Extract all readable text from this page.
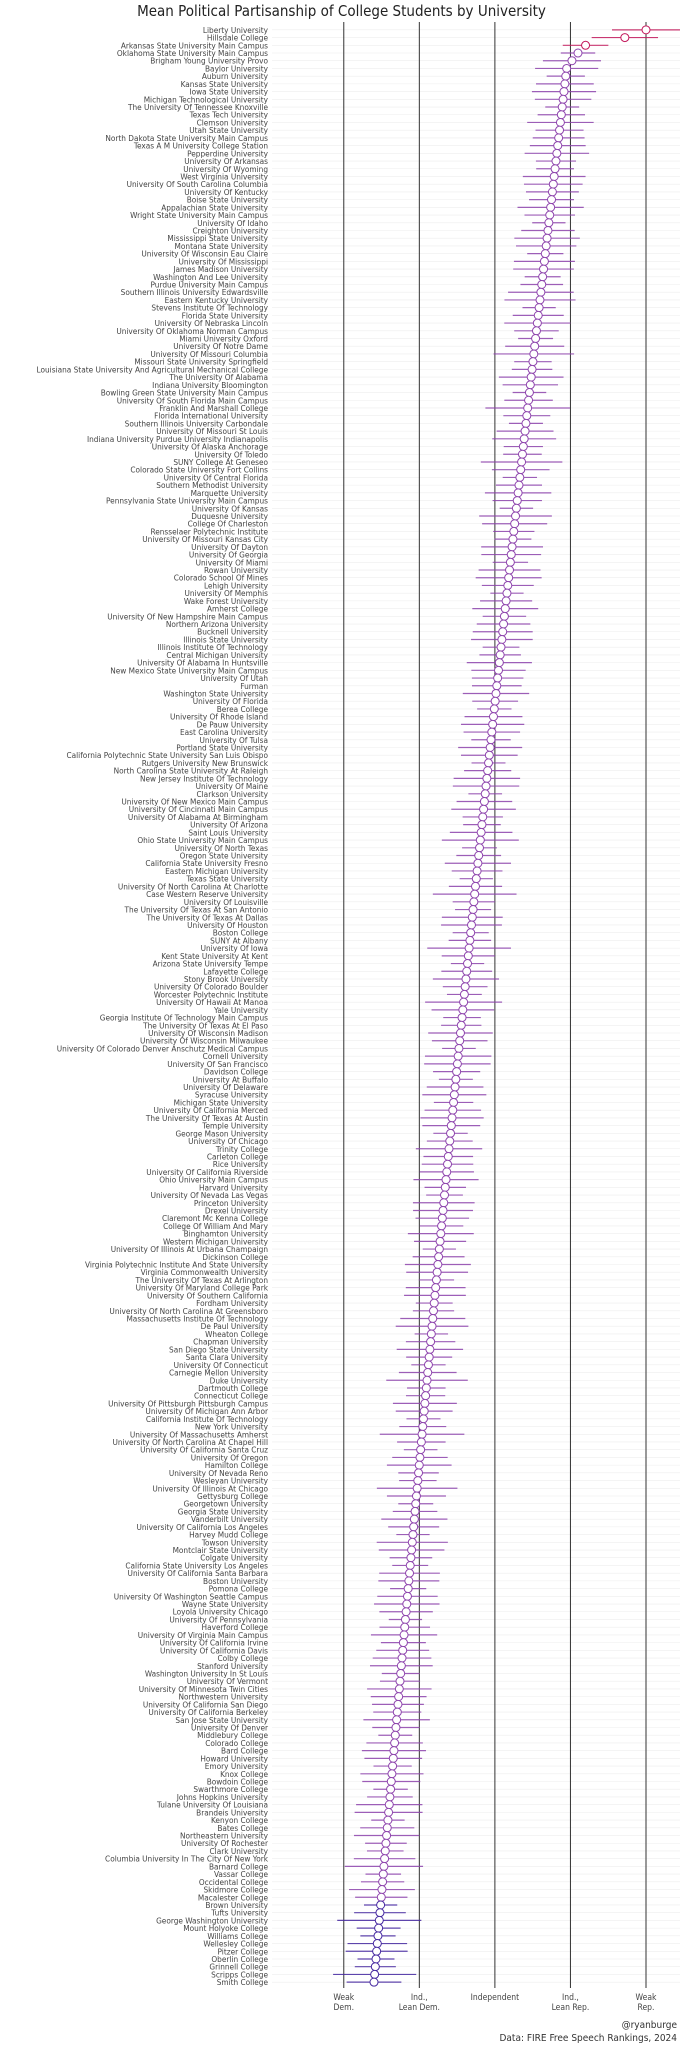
Mean Political Partisanship of College Students by University
Liberty University
Hillsdale College
Arkansas State University Main Campus
Oklahoma State University Main Campus
Brigham Young University Provo
Baylor University
Auburn University
Kansas State University
Iowa State University
Michigan Technological University
The University Of Tennessee Knoxville
Texas Tech University
Clemson University
Utah State University
North Dakota State University Main Campus
Texas A M University College Station
Pepperdine University
University Of Arkansas
University Of Wyoming
West Virginia University
University Of South Carolina Columbia
University Of Kentucky
Boise State University
Appalachian State University
Wright State University Main Campus
University Of Idaho
Creighton University
Mississippi State University
Montana State University
University Of Wisconsin Eau Claire
University Of Mississippi
James Madison University
Washington And Lee University
Purdue University Main Campus
Southern Illinois University Edwardsville
Eastern Kentucky University
Stevens Institute Of Technology
Florida State University
University Of Nebraska Lincoln
University Of Oklahoma Norman Campus
Miami University Oxford
University Of Notre Dame
University Of Missouri Columbia
Missouri State University Springfield
Louisiana State University And Agricultural Mechanical College
The University Of Alabama
Indiana University Bloomington
Bowling Green State University Main Campus
University Of South Florida Main Campus
Franklin And Marshall College
Florida International University
Southern Illinois University Carbondale
University Of Missouri St Louis
Indiana University Purdue University Indianapolis
University Of Alaska Anchorage
University Of Toledo
SUNY College At Geneseo
Colorado State University Fort Collins
University Of Central Florida
Southern Methodist University
Marquette University
Pennsylvania State University Main Campus
University Of Kansas
Duquesne University
College Of Charleston
Rensselaer Polytechnic Institute
University Of Missouri Kansas City
University Of Dayton
University Of Georgia
University Of Miami
Rowan University
Colorado School Of Mines
Lehigh University
University Of Memphis
Wake Forest University
Amherst College
University Of New Hampshire Main Campus
Northern Arizona University
Bucknell University
Illinois State University
Illinois Institute Of Technology
Central Michigan University
University Of Alabama In Huntsville
New Mexico State University Main Campus
University Of Utah
Furman
Washington State University
University Of Florida
Berea College
University Of Rhode Island
De Pauw University
East Carolina University
University Of Tulsa
Portland State University
California Polytechnic State University San Luis Obispo
Rutgers University New Brunswick
North Carolina State University At Raleigh
New Jersey Institute Of Technology
University Of Maine
Clarkson University
University Of New Mexico Main Campus
University Of Cincinnati Main Campus
University Of Alabama At Birmingham
University Of Arizona
Saint Louis University
Ohio State University Main Campus
University Of North Texas
Oregon State University
California State University Fresno
Eastern Michigan University
Texas State University
University Of North Carolina At Charlotte
Case Western Reserve University
University Of Louisville
The University Of Texas At San Antonio
The University Of Texas At Dallas
University Of Houston
Boston College
SUNY At Albany
University Of Iowa
Kent State University At Kent
Arizona State University Tempe
Lafayette College
Stony Brook University
University Of Colorado Boulder
Worcester Polytechnic Institute
University Of Hawaii At Manoa
Yale University
Georgia Institute Of Technology Main Campus
The University Of Texas At El Paso
University Of Wisconsin Madison
University Of Wisconsin Milwaukee
University Of Colorado Denver Anschutz Medical Campus
Cornell University
University Of San Francisco
Davidson College
University At Buffalo
University Of Delaware
Syracuse University
Michigan State University
University Of California Merced
The University Of Texas At Austin
Temple University
George Mason University
University Of Chicago
Trinity College
Carleton College
Rice University
University Of California Riverside
Ohio University Main Campus
Harvard University
University Of Nevada Las Vegas
Princeton University
Drexel University
Claremont Mc Kenna College
College Of William And Mary
Binghamton University
Western Michigan University
University Of Illinois At Urbana Champaign
Dickinson College
Virginia Polytechnic Institute And State University
Virginia Commonwealth University
The University Of Texas At Arlington
University Of Maryland College Park
University Of Southern California
Fordham University
University Of North Carolina At Greensboro
Massachusetts Institute Of Technology
De Paul University
Wheaton College
Chapman University
San Diego State University
Santa Clara University
University Of Connecticut
Carnegie Mellon University
Duke University
Dartmouth College
Connecticut College
University Of Pittsburgh Pittsburgh Campus
University Of Michigan Ann Arbor
California Institute Of Technology
New York University
University Of Massachusetts Amherst
University Of North Carolina At Chapel Hill
University Of California Santa Cruz
University Of Oregon
Hamilton College
University Of Nevada Reno
Wesleyan University
University Of Illinois At Chicago
Gettysburg College
Georgetown University
Georgia State University
Vanderbilt University
University Of California Los Angeles
Harvey Mudd College
Towson University
Montclair State University
Colgate University
California State University Los Angeles
University Of California Santa Barbara
Boston University
Pomona College
University Of Washington Seattle Campus
Wayne State University
Loyola University Chicago
University Of Pennsylvania
Haverford College
University Of Virginia Main Campus
University Of California Irvine
University Of California Davis
Colby College
Stanford University
Washington University In St Louis
University Of Vermont
University Of Minnesota Twin Cities
Northwestern University
University Of California San Diego
University Of California Berkeley
San Jose State University
University Of Denver
Middlebury College
Colorado College
Bard College
Howard University
Emory University
Knox College
Bowdoin College
Swarthmore College
Johns Hopkins University
Tulane University Of Louisiana
Brandeis University
Kenyon College
Bates College
Northeastern University
University Of Rochester
Clark University
Columbia University In The City Of New York
Barnard College
Vassar College
Occidental College
Skidmore College
Macalester College
Brown University
Tufts University
George Washington University
Mount Holyoke College
Williams College
Wellesley College
Pitzer College
Oberlin College
Grinnell College
Scripps College
Smith College
Weak
Dem.
Ind.,
Lean Dem.
Independent	Ind.,
Lean Rep.
Weak
Rep.
@ryanburge
Data: FIRE Free Speech Rankings, 2024
